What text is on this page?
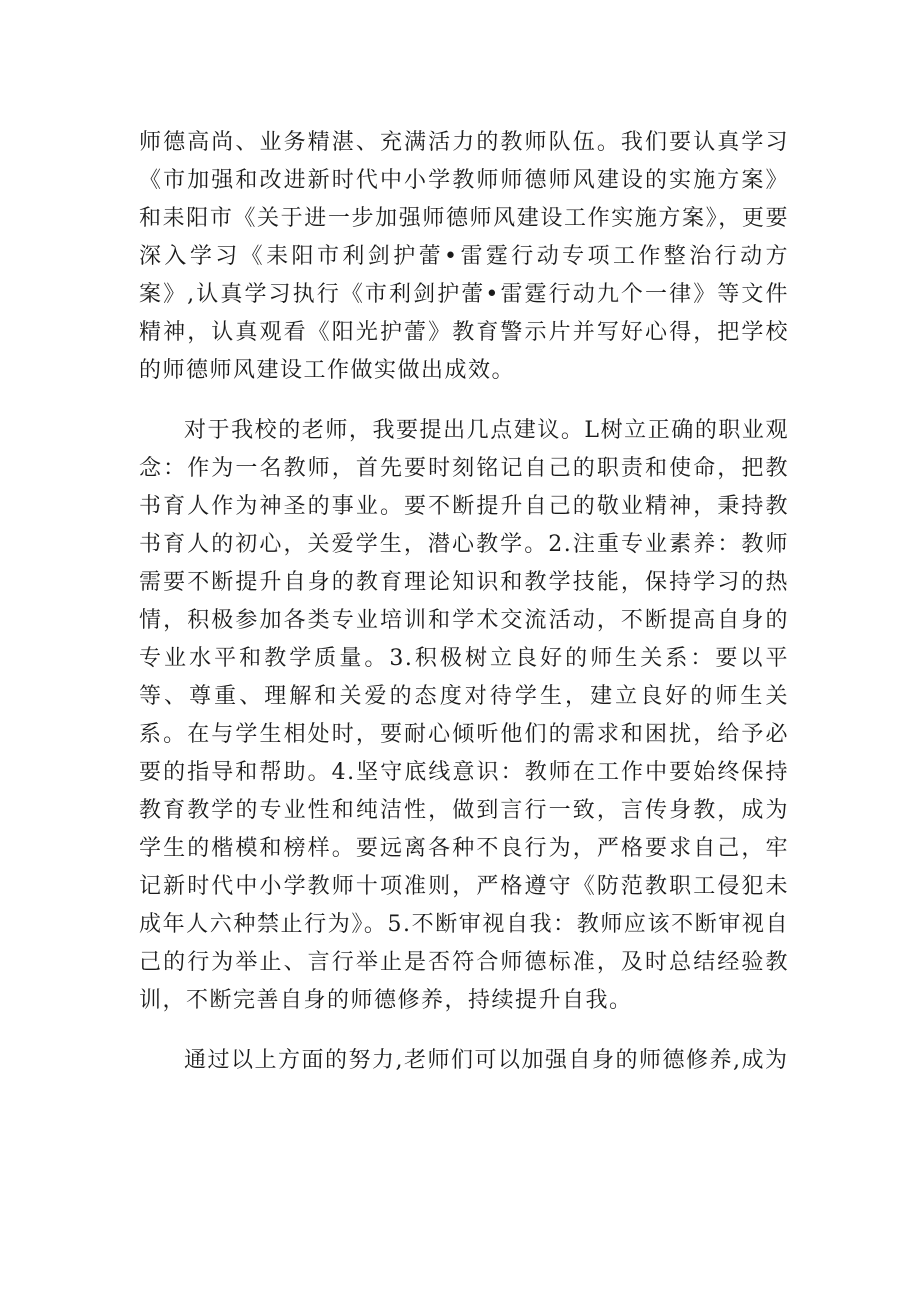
师德高尚、业务精湛、充满活力的教师队伍。我们要认真学习《市加强和改进新时代中小学教师师德师风建设的实施方案》和耒阳市《关于进一步加强师德师风建设工作实施方案》，更要深入学习《耒阳市利剑护蕾•雷霆行动专项工作整治行动方案》,认真学习执行《市利剑护蕾•雷霆行动九个一律》等文件精神，认真观看《阳光护蕾》教育警示片并写好心得，把学校的师德师风建设工作做实做出成效。

对于我校的老师，我要提出几点建议。L树立正确的职业观念：作为一名教师，首先要时刻铭记自己的职责和使命，把教书育人作为神圣的事业。要不断提升自己的敬业精神，秉持教书育人的初心，关爱学生，潜心教学。2.注重专业素养：教师需要不断提升自身的教育理论知识和教学技能，保持学习的热情，积极参加各类专业培训和学术交流活动，不断提高自身的专业水平和教学质量。3.积极树立良好的师生关系：要以平等、尊重、理解和关爱的态度对待学生，建立良好的师生关系。在与学生相处时，要耐心倾听他们的需求和困扰，给予必要的指导和帮助。4.坚守底线意识：教师在工作中要始终保持教育教学的专业性和纯洁性，做到言行一致，言传身教，成为学生的楷模和榜样。要远离各种不良行为，严格要求自己，牢记新时代中小学教师十项准则，严格遵守《防范教职工侵犯未成年人六种禁止行为》。5.不断审视自我：教师应该不断审视自己的行为举止、言行举止是否符合师德标准，及时总结经验教训，不断完善自身的师德修养，持续提升自我。

通过以上方面的努力,老师们可以加强自身的师德修养,成为
